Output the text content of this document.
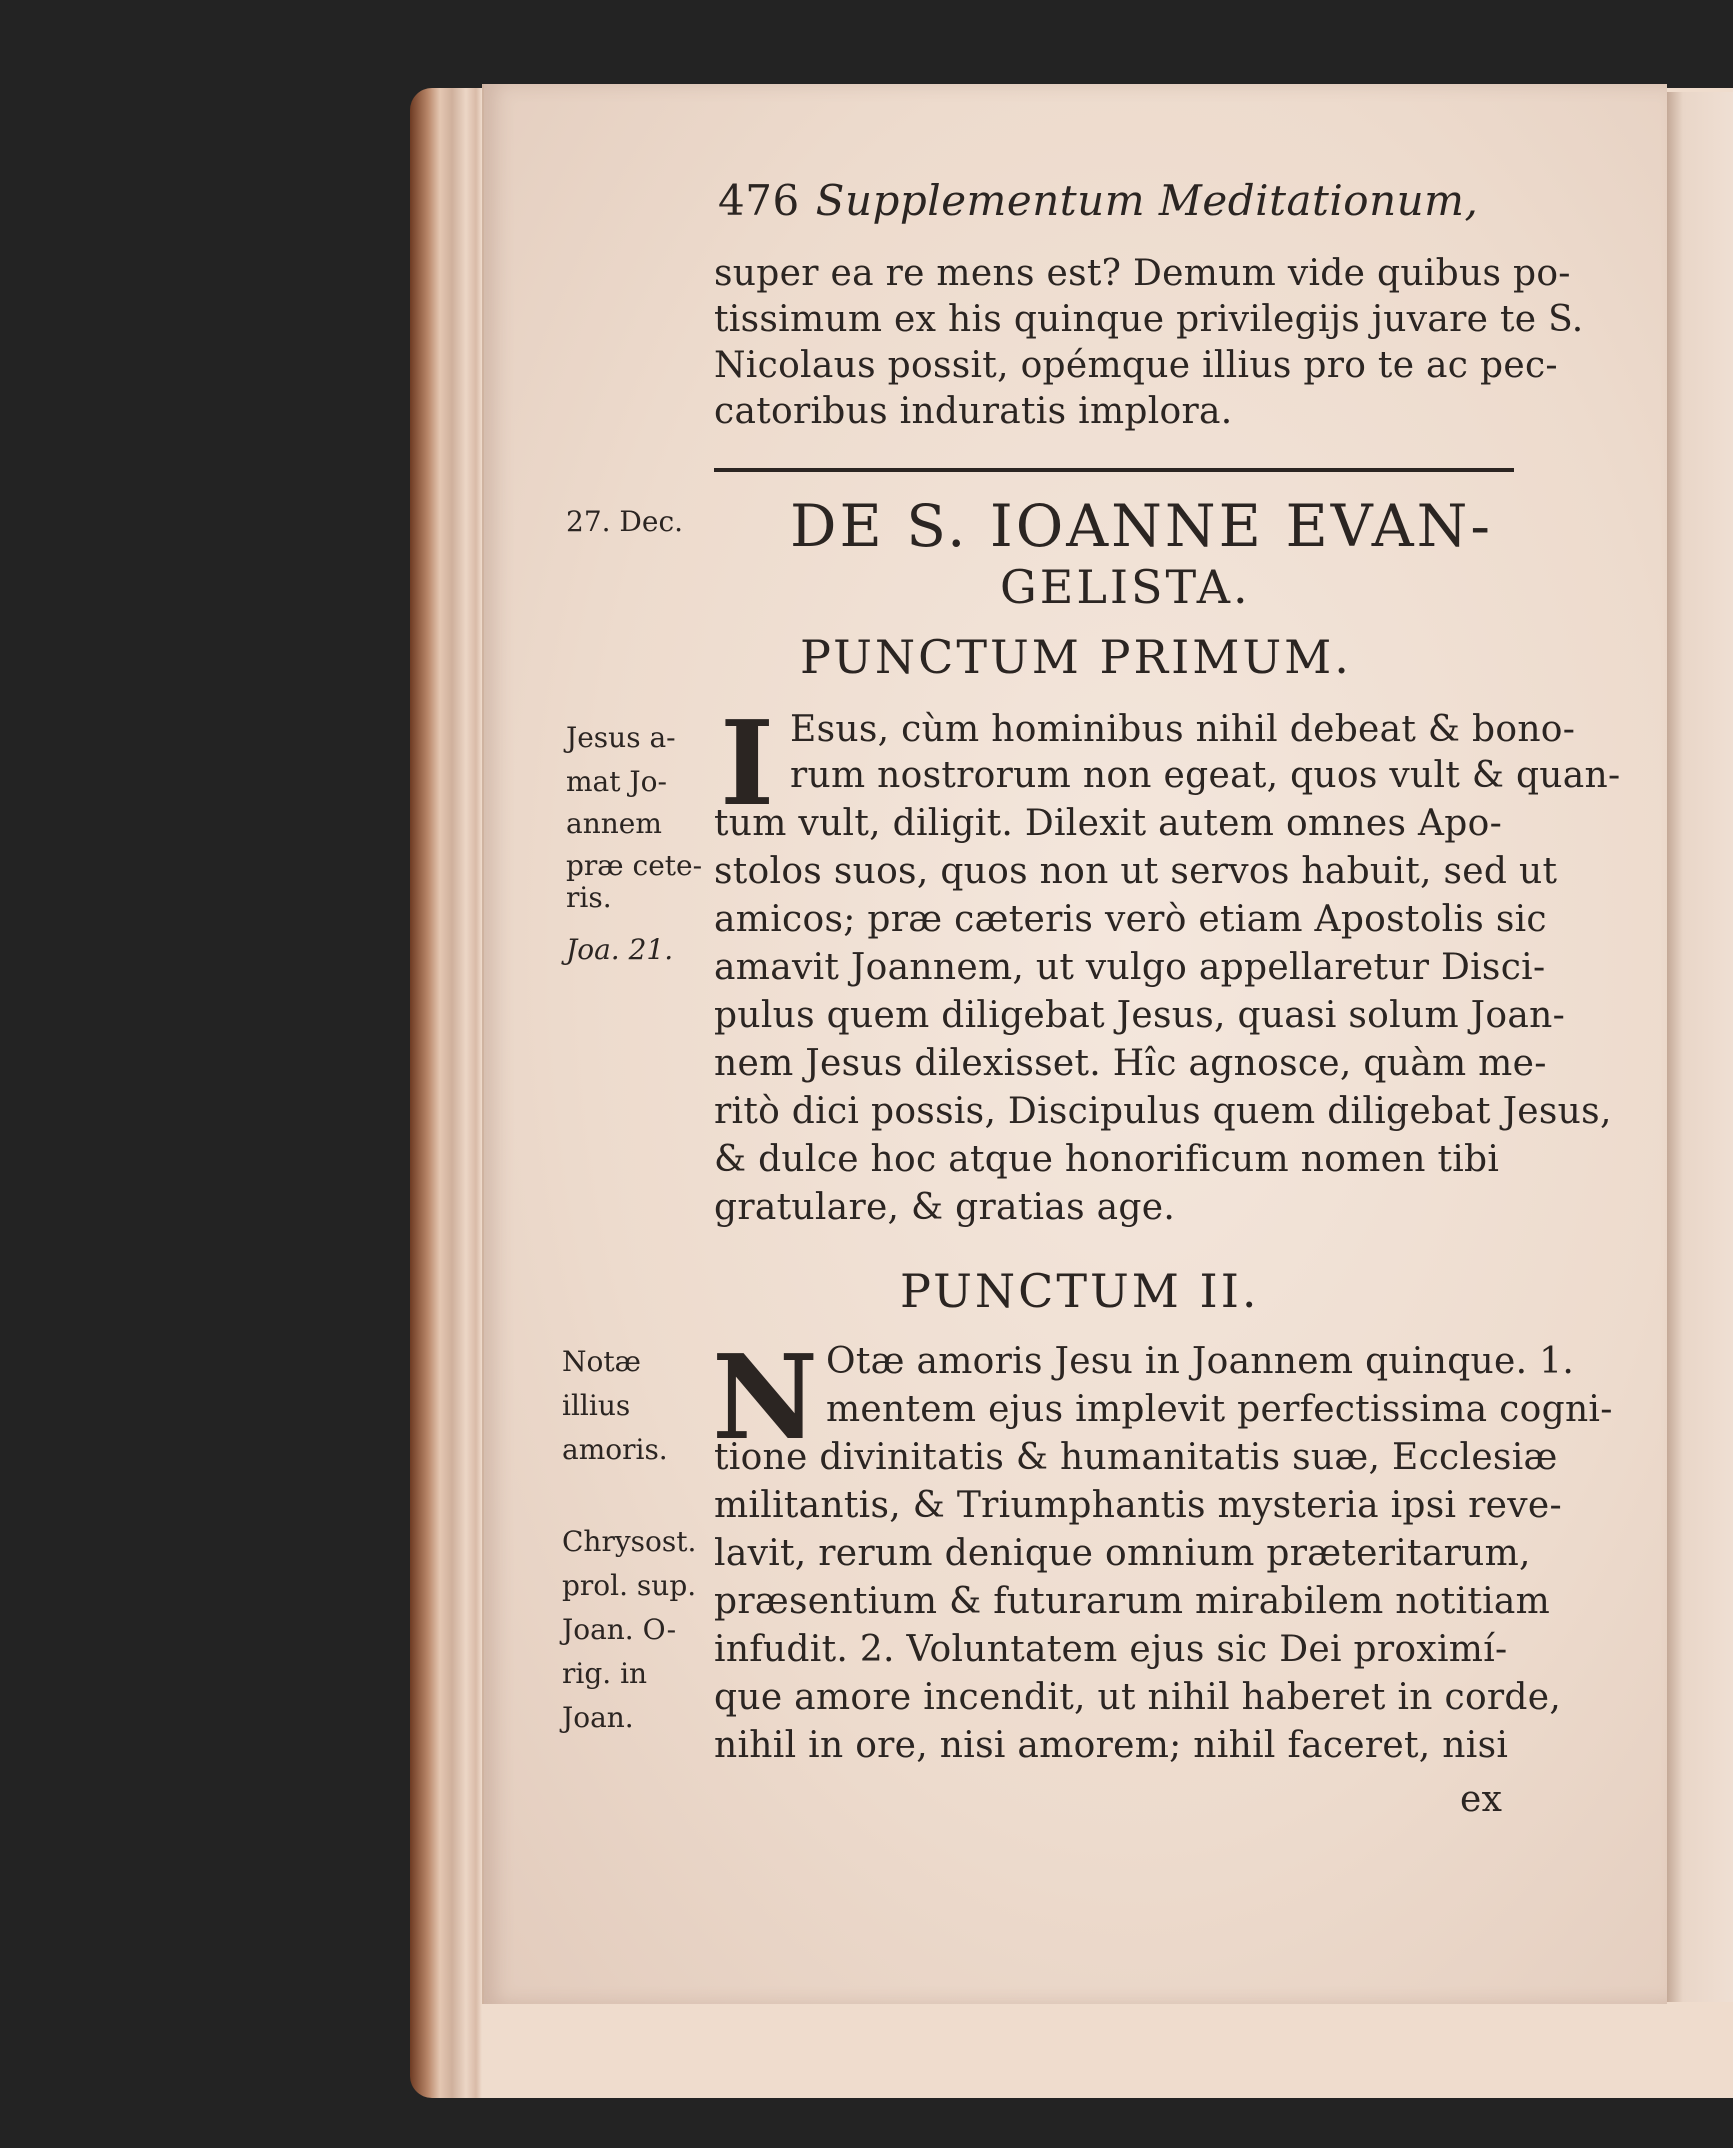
476 Supplementum Meditationum,
super ea re mens est? Demum vide quibus po-
tissimum ex his quinque privilegijs juvare te S.
Nicolaus possit, opémque illius pro te ac pec-
catoribus induratis implora.
27. Dec. DE S. IOANNE EVAN-
GELISTA.
PUNCTUM PRIMUM.
Jesus a-
mat Jo-
annem
præ cete-
ris.
Joa. 21.
I Esus, cùm hominibus nihil debeat & bono-
rum nostrorum non egeat, quos vult & quan-
tum vult, diligit. Dilexit autem omnes Apo-
stolos suos, quos non ut servos habuit, sed ut
amicos; præ cæteris verò etiam Apostolis sic
amavit Joannem, ut vulgo appellaretur Disci-
pulus quem diligebat Jesus, quasi solum Joan-
nem Jesus dilexisset. Hîc agnosce, quàm me-
ritò dici possis, Discipulus quem diligebat Jesus,
& dulce hoc atque honorificum nomen tibi
gratulare, & gratias age.
PUNCTUM II.
Notæ
illius
amoris.
Chrysost.
prol. sup.
Joan. O-
rig. in
Joan.
N Otæ amoris Jesu in Joannem quinque. 1.
mentem ejus implevit perfectissima cogni-
tione divinitatis & humanitatis suæ, Ecclesiæ
militantis, & Triumphantis mysteria ipsi reve-
lavit, rerum denique omnium præteritarum,
præsentium & futurarum mirabilem notitiam
infudit. 2. Voluntatem ejus sic Dei proximí-
que amore incendit, ut nihil haberet in corde,
nihil in ore, nisi amorem; nihil faceret, nisi
ex
